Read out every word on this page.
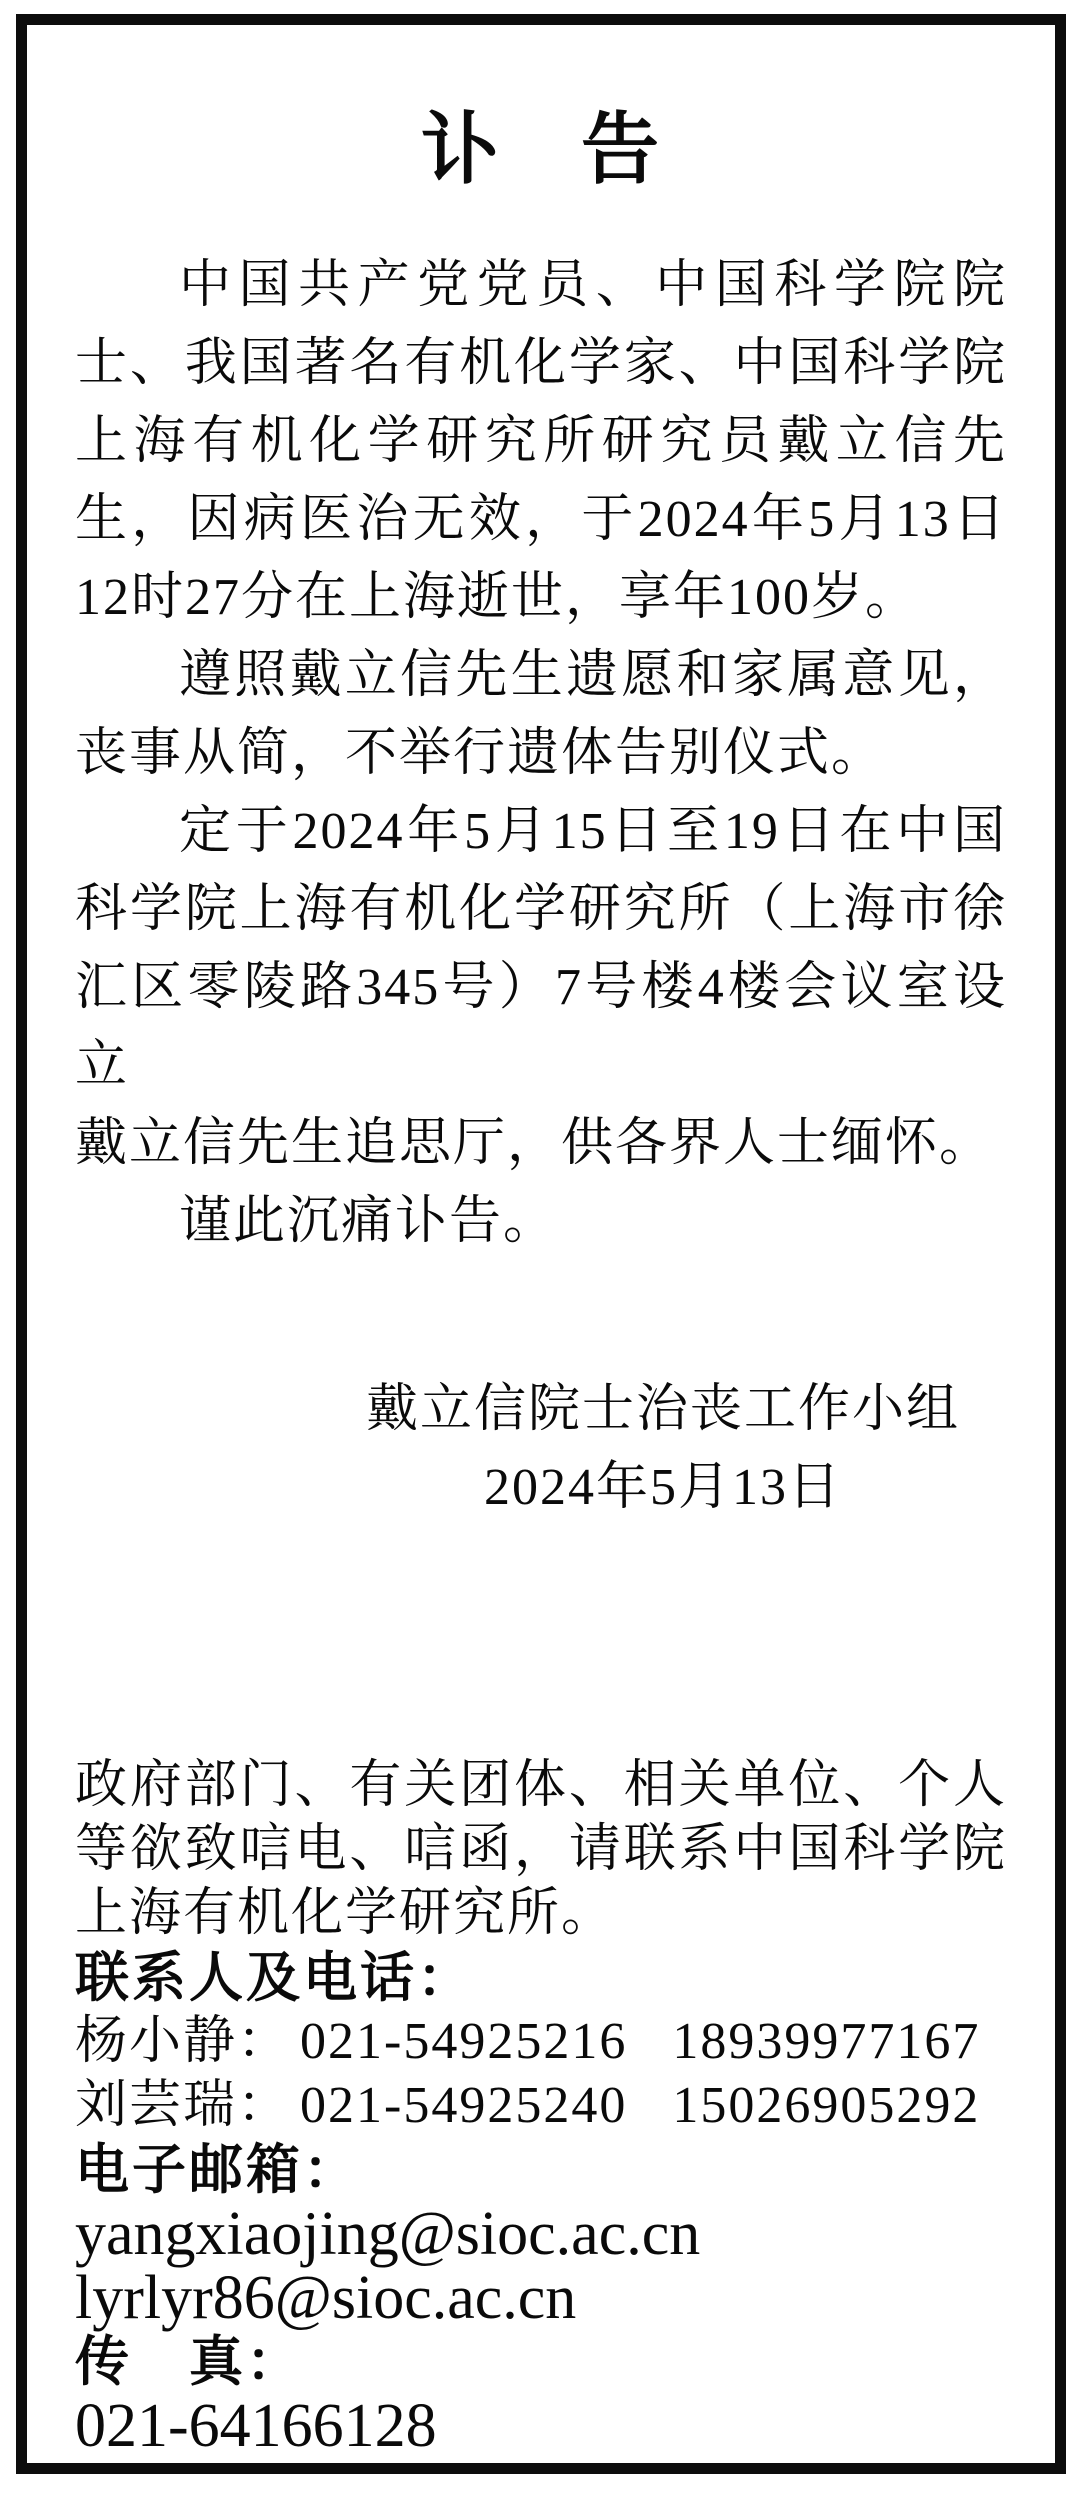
讣　告
中国共产党党员、中国科学院院
士、我国著名有机化学家、中国科学院
上海有机化学研究所研究员戴立信先
生，因病医治无效，于2024年5月13日
12时27分在上海逝世，享年100岁。
遵照戴立信先生遗愿和家属意见，
丧事从简，不举行遗体告别仪式。
定于2024年5月15日至19日在中国
科学院上海有机化学研究所（上海市徐
汇区零陵路345号）7号楼4楼会议室设立
戴立信先生追思厅，供各界人士缅怀。
谨此沉痛讣告。
戴立信院士治丧工作小组
2024年5月13日
政府部门、有关团体、相关单位、个人
等欲致唁电、唁函，请联系中国科学院
上海有机化学研究所。
联系人及电话：
杨小静： 021-54925216 18939977167
刘芸瑞： 021-54925240 15026905292
电子邮箱：
yangxiaojing@sioc.ac.cn
lyrlyr86@sioc.ac.cn
传　真：
021-64166128
